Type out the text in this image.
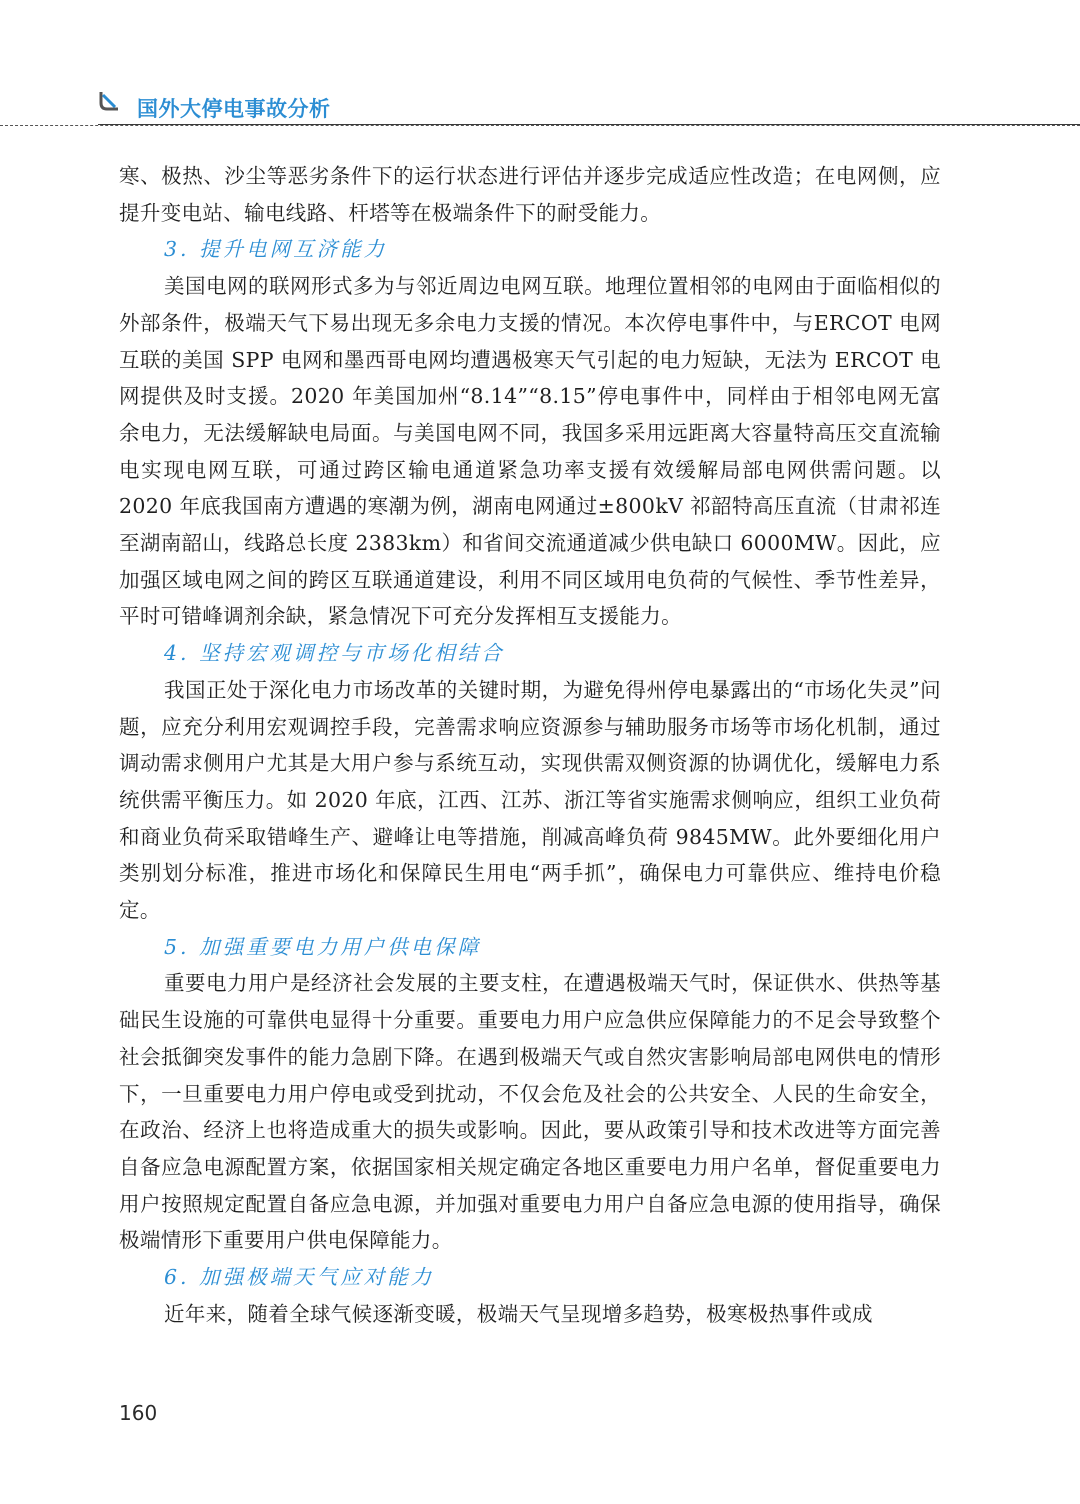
国外大停电事故分析

寒、极热、沙尘等恶劣条件下的运行状态进行评估并逐步完成适应性改造；在电网侧，应提升变电站、输电线路、杆塔等在极端条件下的耐受能力。

3. 提升电网互济能力

美国电网的联网形式多为与邻近周边电网互联。地理位置相邻的电网由于面临相似的外部条件，极端天气下易出现无多余电力支援的情况。本次停电事件中，与ERCOT 电网互联的美国 SPP 电网和墨西哥电网均遭遇极寒天气引起的电力短缺，无法为 ERCOT 电网提供及时支援。2020 年美国加州“8.14”“8.15”停电事件中，同样由于相邻电网无富余电力，无法缓解缺电局面。与美国电网不同，我国多采用远距离大容量特高压交直流输电实现电网互联，可通过跨区输电通道紧急功率支援有效缓解局部电网供需问题。以 2020 年底我国南方遭遇的寒潮为例，湖南电网通过±800kV 祁韶特高压直流（甘肃祁连至湖南韶山，线路总长度 2383km）和省间交流通道减少供电缺口 6000MW。因此，应加强区域电网之间的跨区互联通道建设，利用不同区域用电负荷的气候性、季节性差异，平时可错峰调剂余缺，紧急情况下可充分发挥相互支援能力。

4. 坚持宏观调控与市场化相结合

我国正处于深化电力市场改革的关键时期，为避免得州停电暴露出的“市场化失灵”问题，应充分利用宏观调控手段，完善需求响应资源参与辅助服务市场等市场化机制，通过调动需求侧用户尤其是大用户参与系统互动，实现供需双侧资源的协调优化，缓解电力系统供需平衡压力。如 2020 年底，江西、江苏、浙江等省实施需求侧响应，组织工业负荷和商业负荷采取错峰生产、避峰让电等措施，削减高峰负荷 9845MW。此外要细化用户类别划分标准，推进市场化和保障民生用电“两手抓”，确保电力可靠供应、维持电价稳定。

5. 加强重要电力用户供电保障

重要电力用户是经济社会发展的主要支柱，在遭遇极端天气时，保证供水、供热等基础民生设施的可靠供电显得十分重要。重要电力用户应急供应保障能力的不足会导致整个社会抵御突发事件的能力急剧下降。在遇到极端天气或自然灾害影响局部电网供电的情形下，一旦重要电力用户停电或受到扰动，不仅会危及社会的公共安全、人民的生命安全，在政治、经济上也将造成重大的损失或影响。因此，要从政策引导和技术改进等方面完善自备应急电源配置方案，依据国家相关规定确定各地区重要电力用户名单，督促重要电力用户按照规定配置自备应急电源，并加强对重要电力用户自备应急电源的使用指导，确保极端情形下重要用户供电保障能力。

6. 加强极端天气应对能力

近年来，随着全球气候逐渐变暖，极端天气呈现增多趋势，极寒极热事件或成

160
